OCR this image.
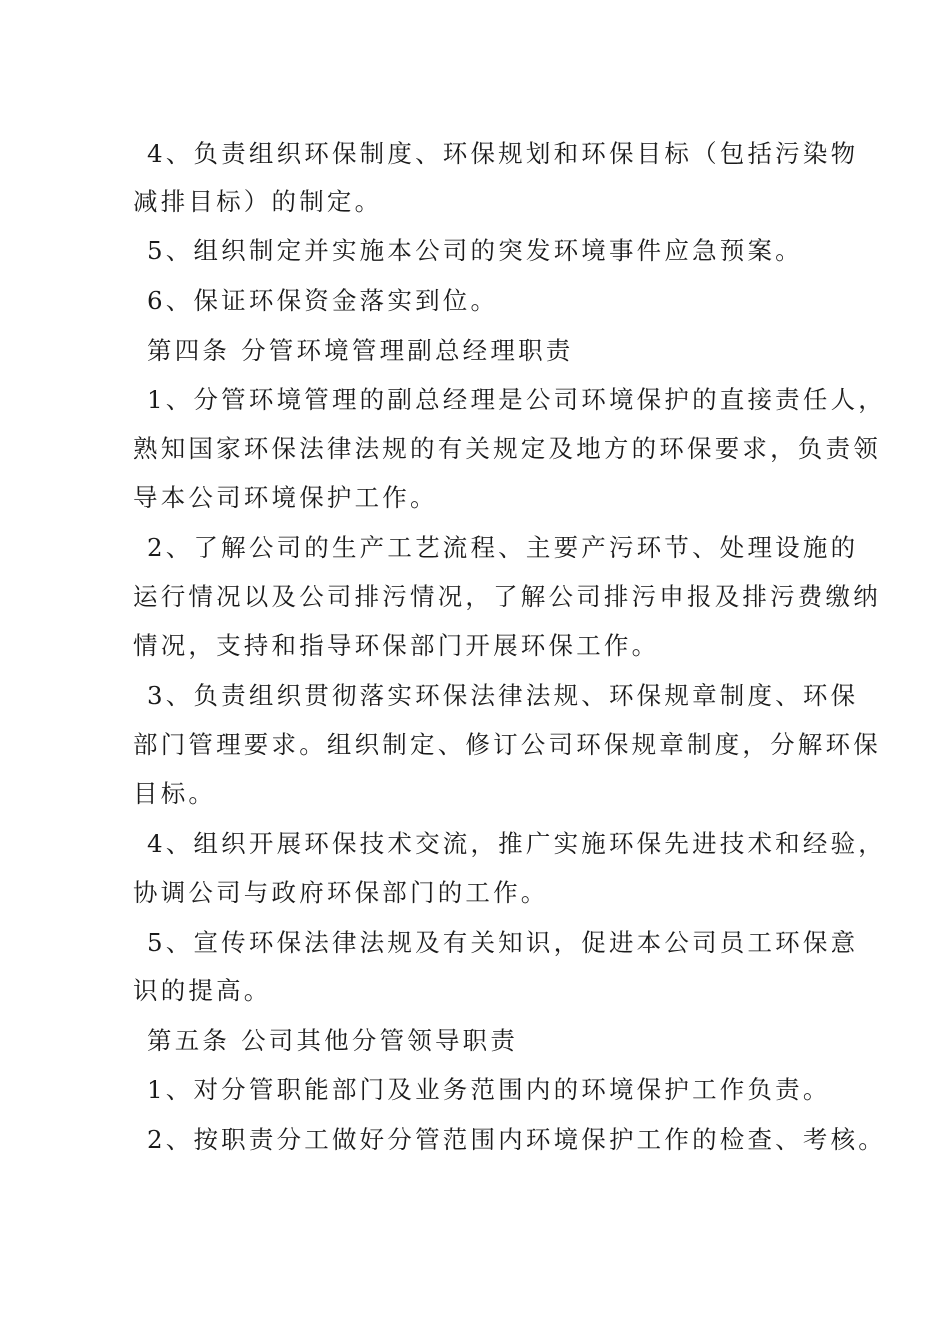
4、负责组织环保制度、环保规划和环保目标（包括污染物
减排目标）的制定。
5、组织制定并实施本公司的突发环境事件应急预案。
6、保证环保资金落实到位。
第四条 分管环境管理副总经理职责
1、分管环境管理的副总经理是公司环境保护的直接责任人，
熟知国家环保法律法规的有关规定及地方的环保要求，负责领
导本公司环境保护工作。
2、了解公司的生产工艺流程、主要产污环节、处理设施的
运行情况以及公司排污情况，了解公司排污申报及排污费缴纳
情况，支持和指导环保部门开展环保工作。
3、负责组织贯彻落实环保法律法规、环保规章制度、环保
部门管理要求。组织制定、修订公司环保规章制度，分解环保
目标。
4、组织开展环保技术交流，推广实施环保先进技术和经验，
协调公司与政府环保部门的工作。
5、宣传环保法律法规及有关知识，促进本公司员工环保意
识的提高。
第五条 公司其他分管领导职责
1、对分管职能部门及业务范围内的环境保护工作负责。
2、按职责分工做好分管范围内环境保护工作的检查、考核。
